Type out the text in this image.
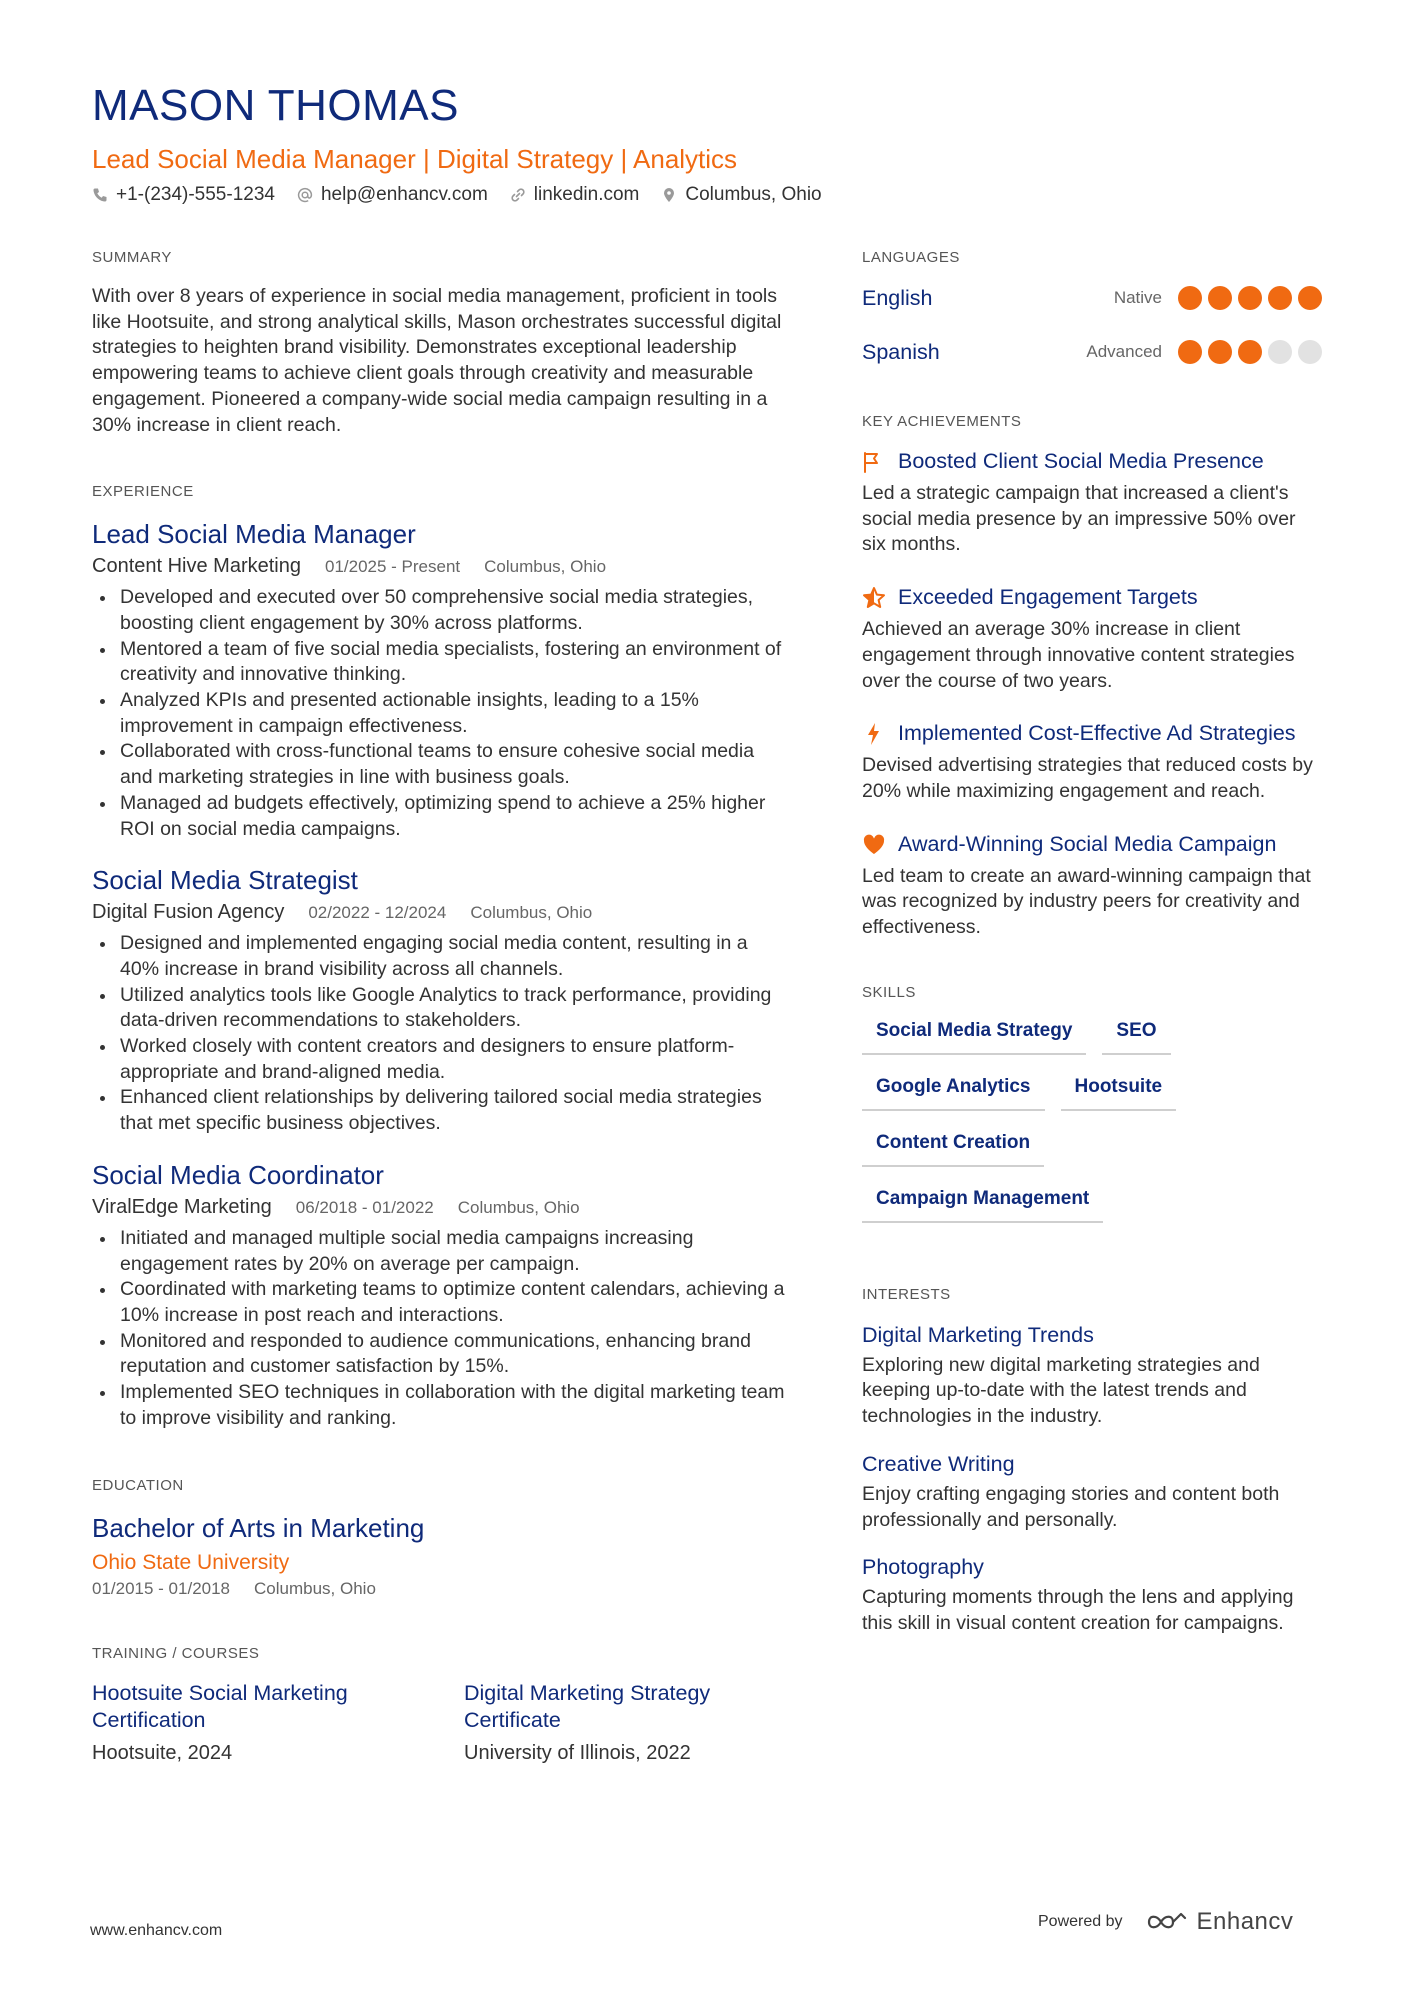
MASON THOMAS
Lead Social Media Manager | Digital Strategy | Analytics
+1-(234)-555-1234 help@enhancv.com linkedin.com Columbus, Ohio
SUMMARY
With over 8 years of experience in social media management, proficient in tools like Hootsuite, and strong analytical skills, Mason orchestrates successful digital strategies to heighten brand visibility. Demonstrates exceptional leadership empowering teams to achieve client goals through creativity and measurable engagement. Pioneered a company-wide social media campaign resulting in a 30% increase in client reach.
EXPERIENCE
Lead Social Media Manager
Content Hive Marketing 01/2025 - Present Columbus, Ohio
Developed and executed over 50 comprehensive social media strategies, boosting client engagement by 30% across platforms.
Mentored a team of five social media specialists, fostering an environment of creativity and innovative thinking.
Analyzed KPIs and presented actionable insights, leading to a 15% improvement in campaign effectiveness.
Collaborated with cross-functional teams to ensure cohesive social media and marketing strategies in line with business goals.
Managed ad budgets effectively, optimizing spend to achieve a 25% higher ROI on social media campaigns.
Social Media Strategist
Digital Fusion Agency 02/2022 - 12/2024 Columbus, Ohio
Designed and implemented engaging social media content, resulting in a 40% increase in brand visibility across all channels.
Utilized analytics tools like Google Analytics to track performance, providing data-driven recommendations to stakeholders.
Worked closely with content creators and designers to ensure platform-appropriate and brand-aligned media.
Enhanced client relationships by delivering tailored social media strategies that met specific business objectives.
Social Media Coordinator
ViralEdge Marketing 06/2018 - 01/2022 Columbus, Ohio
Initiated and managed multiple social media campaigns increasing engagement rates by 20% on average per campaign.
Coordinated with marketing teams to optimize content calendars, achieving a 10% increase in post reach and interactions.
Monitored and responded to audience communications, enhancing brand reputation and customer satisfaction by 15%.
Implemented SEO techniques in collaboration with the digital marketing team to improve visibility and ranking.
EDUCATION
Bachelor of Arts in Marketing
Ohio State University
01/2015 - 01/2018 Columbus, Ohio
TRAINING / COURSES
Hootsuite Social Marketing Certification
Hootsuite, 2024
Digital Marketing Strategy Certificate
University of Illinois, 2022
LANGUAGES
English	Native
Spanish	Advanced
KEY ACHIEVEMENTS
Boosted Client Social Media Presence
Led a strategic campaign that increased a client's social media presence by an impressive 50% over six months.
Exceeded Engagement Targets
Achieved an average 30% increase in client engagement through innovative content strategies over the course of two years.
Implemented Cost-Effective Ad Strategies
Devised advertising strategies that reduced costs by 20% while maximizing engagement and reach.
Award-Winning Social Media Campaign
Led team to create an award-winning campaign that was recognized by industry peers for creativity and effectiveness.
SKILLS
Social Media Strategy	SEO
Google Analytics	Hootsuite
Content Creation
Campaign Management
INTERESTS
Digital Marketing Trends
Exploring new digital marketing strategies and keeping up-to-date with the latest trends and technologies in the industry.
Creative Writing
Enjoy crafting engaging stories and content both professionally and personally.
Photography
Capturing moments through the lens and applying this skill in visual content creation for campaigns.
www.enhancv.com
Powered by	Enhancv
